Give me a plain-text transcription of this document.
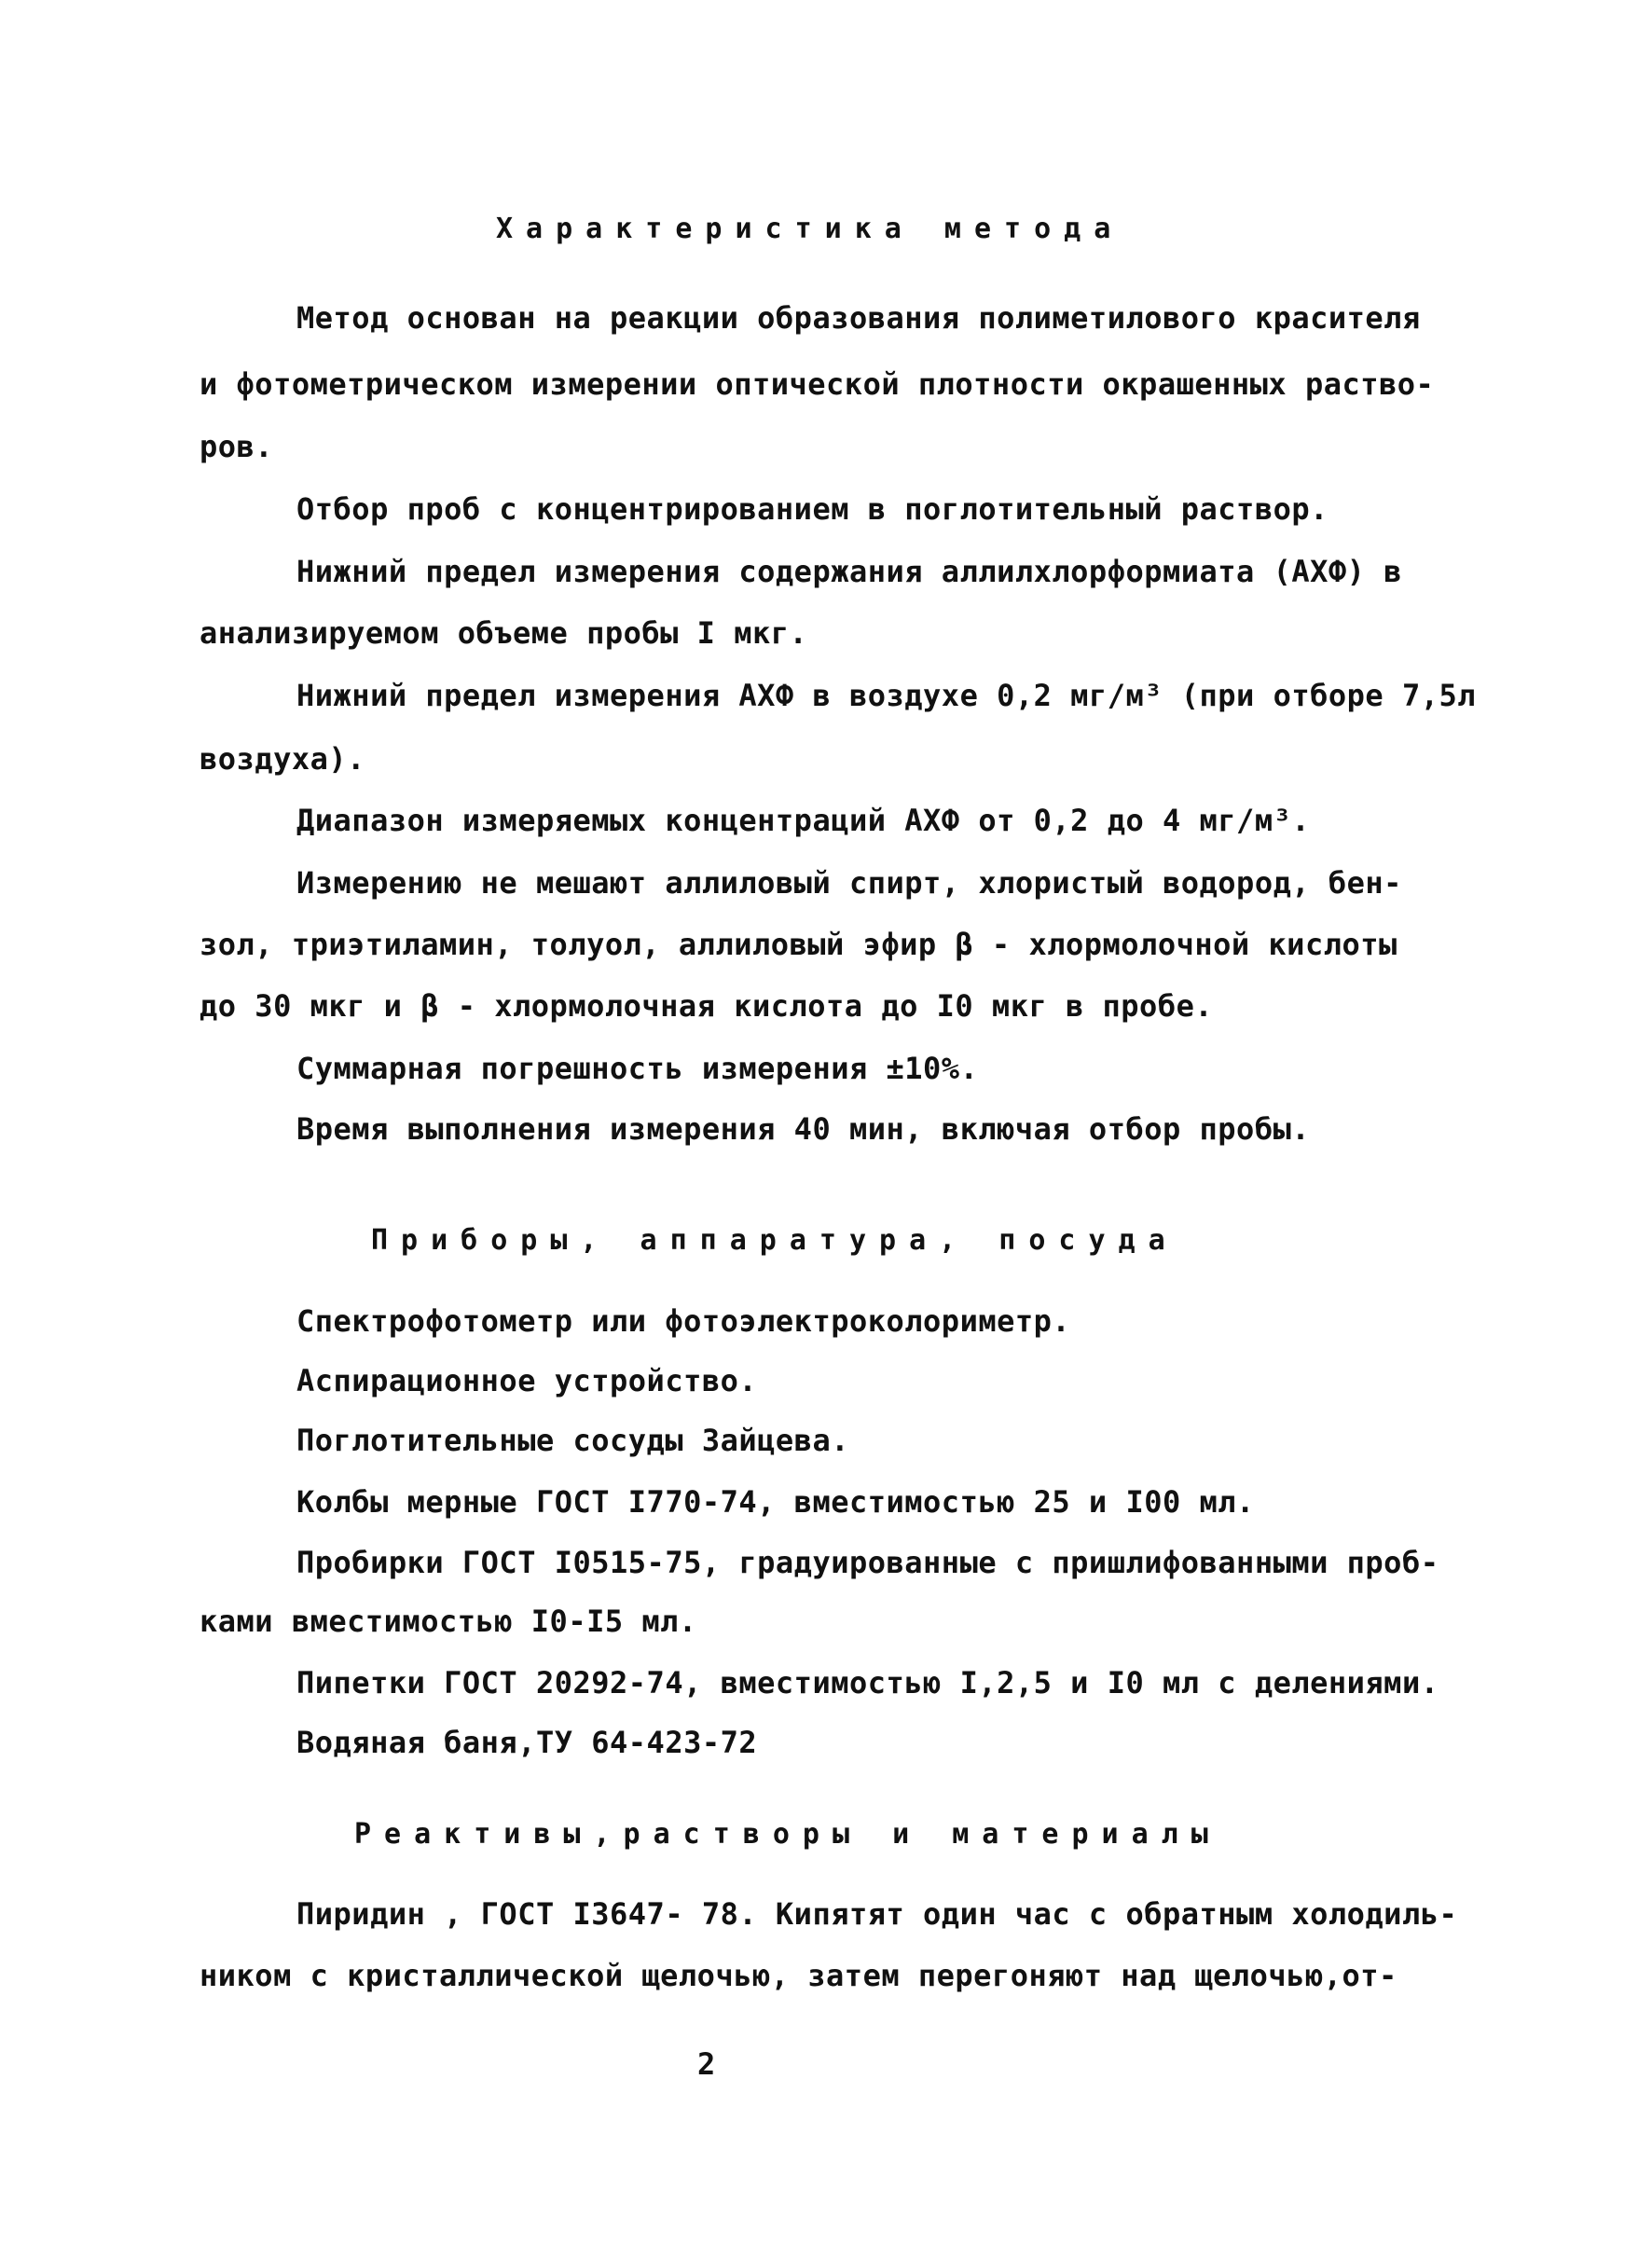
Характеристика метода
Метод основан на реакции образования полиметилового красителя
и фотометрическом измерении оптической плотности окрашенных раство-
ров.
Отбор проб с концентрированием в поглотительный раствор.
Нижний предел измерения содержания аллилхлорформиата (АХФ) в
анализируемом объеме пробы I мкг.
Нижний предел измерения АХФ в воздухе 0,2 мг/м³ (при отборе 7,5л
воздуха).
Диапазон измеряемых концентраций АХФ от 0,2 до 4 мг/м³.
Измерению не мешают аллиловый спирт, хлористый водород, бен-
зол, триэтиламин, толуол, аллиловый эфир β - хлормолочной кислоты
до 30 мкг и β - хлормолочная кислота до I0 мкг в пробе.
Суммарная погрешность измерения ±10%.
Время выполнения измерения 40 мин, включая отбор пробы.
Приборы, аппаратура, посуда
Спектрофотометр или фотоэлектроколориметр.
Аспирационное устройство.
Поглотительные сосуды Зайцева.
Колбы мерные ГОСТ I770-74, вместимостью 25 и I00 мл.
Пробирки ГОСТ I0515-75, градуированные с пришлифованными проб-
ками вместимостью I0-I5 мл.
Пипетки ГОСТ 20292-74, вместимостью I,2,5 и I0 мл с делениями.
Водяная баня,ТУ 64-423-72
Реактивы,растворы и материалы
Пиридин , ГОСТ I3647- 78. Кипятят один час с обратным холодиль-
ником с кристаллической щелочью, затем перегоняют над щелочью,от-
2
